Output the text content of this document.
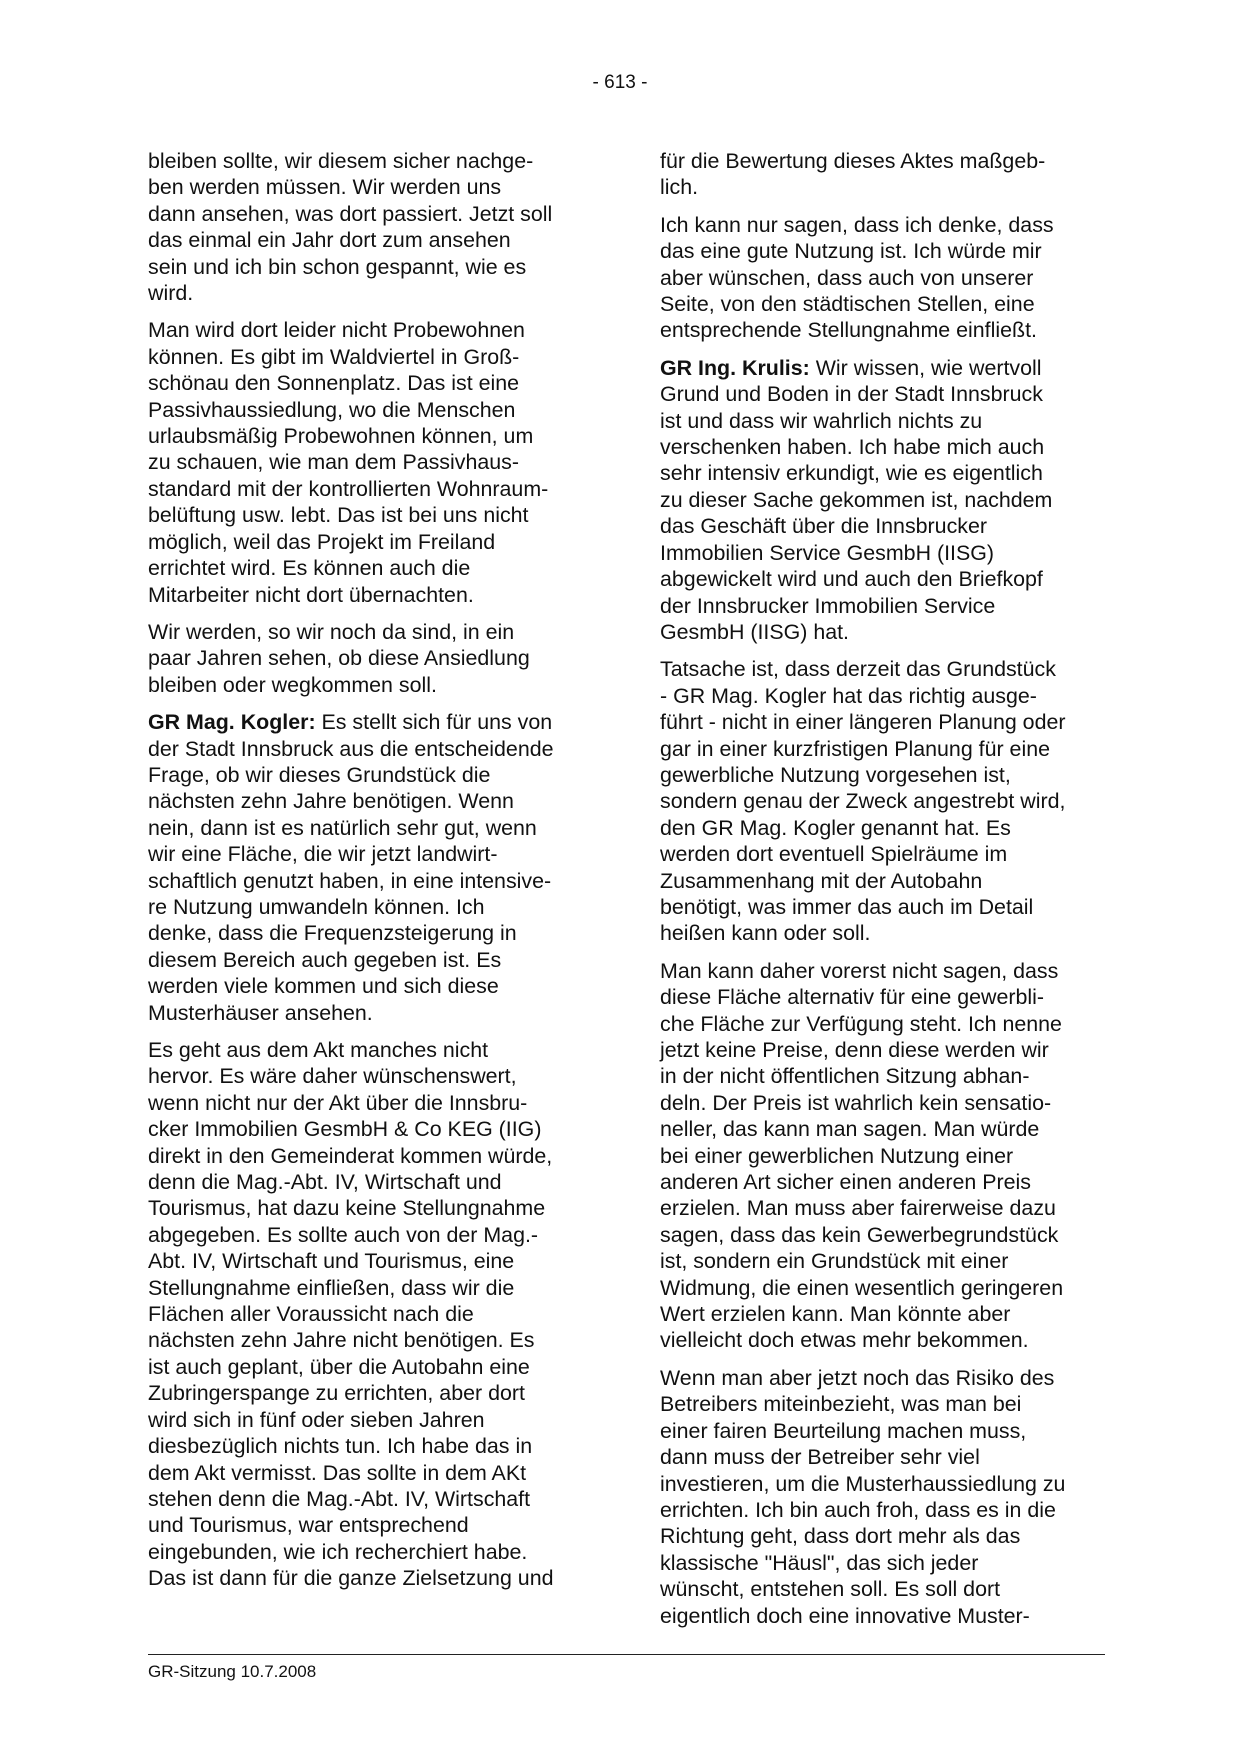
- 613 -

bleiben sollte, wir diesem sicher nachge-
ben werden müssen. Wir werden uns
dann ansehen, was dort passiert. Jetzt soll
das einmal ein Jahr dort zum ansehen
sein und ich bin schon gespannt, wie es
wird.

Man wird dort leider nicht Probewohnen
können. Es gibt im Waldviertel in Groß-
schönau den Sonnenplatz. Das ist eine
Passivhaussiedlung, wo die Menschen
urlaubsmäßig Probewohnen können, um
zu schauen, wie man dem Passivhaus-
standard mit der kontrollierten Wohnraum-
belüftung usw. lebt. Das ist bei uns nicht
möglich, weil das Projekt im Freiland
errichtet wird. Es können auch die
Mitarbeiter nicht dort übernachten.

Wir werden, so wir noch da sind, in ein
paar Jahren sehen, ob diese Ansiedlung
bleiben oder wegkommen soll.

GR Mag. Kogler: Es stellt sich für uns von
der Stadt Innsbruck aus die entscheidende
Frage, ob wir dieses Grundstück die
nächsten zehn Jahre benötigen. Wenn
nein, dann ist es natürlich sehr gut, wenn
wir eine Fläche, die wir jetzt landwirt-
schaftlich genutzt haben, in eine intensive-
re Nutzung umwandeln können. Ich
denke, dass die Frequenzsteigerung in
diesem Bereich auch gegeben ist. Es
werden viele kommen und sich diese
Musterhäuser ansehen.

Es geht aus dem Akt manches nicht
hervor. Es wäre daher wünschenswert,
wenn nicht nur der Akt über die Innsbru-
cker Immobilien GesmbH & Co KEG (IIG)
direkt in den Gemeinderat kommen würde,
denn die Mag.-Abt. IV, Wirtschaft und
Tourismus, hat dazu keine Stellungnahme
abgegeben. Es sollte auch von der Mag.-
Abt. IV, Wirtschaft und Tourismus, eine
Stellungnahme einfließen, dass wir die
Flächen aller Voraussicht nach die
nächsten zehn Jahre nicht benötigen. Es
ist auch geplant, über die Autobahn eine
Zubringerspange zu errichten, aber dort
wird sich in fünf oder sieben Jahren
diesbezüglich nichts tun. Ich habe das in
dem Akt vermisst. Das sollte in dem AKt
stehen denn die Mag.-Abt. IV, Wirtschaft
und Tourismus, war entsprechend
eingebunden, wie ich recherchiert habe.
Das ist dann für die ganze Zielsetzung und

für die Bewertung dieses Aktes maßgeb-
lich.

Ich kann nur sagen, dass ich denke, dass
das eine gute Nutzung ist. Ich würde mir
aber wünschen, dass auch von unserer
Seite, von den städtischen Stellen, eine
entsprechende Stellungnahme einfließt.

GR Ing. Krulis: Wir wissen, wie wertvoll
Grund und Boden in der Stadt Innsbruck
ist und dass wir wahrlich nichts zu
verschenken haben. Ich habe mich auch
sehr intensiv erkundigt, wie es eigentlich
zu dieser Sache gekommen ist, nachdem
das Geschäft über die Innsbrucker
Immobilien Service GesmbH (IISG)
abgewickelt wird und auch den Briefkopf
der Innsbrucker Immobilien Service
GesmbH (IISG) hat.

Tatsache ist, dass derzeit das Grundstück
- GR Mag. Kogler hat das richtig ausge-
führt - nicht in einer längeren Planung oder
gar in einer kurzfristigen Planung für eine
gewerbliche Nutzung vorgesehen ist,
sondern genau der Zweck angestrebt wird,
den GR Mag. Kogler genannt hat. Es
werden dort eventuell Spielräume im
Zusammenhang mit der Autobahn
benötigt, was immer das auch im Detail
heißen kann oder soll.

Man kann daher vorerst nicht sagen, dass
diese Fläche alternativ für eine gewerbli-
che Fläche zur Verfügung steht. Ich nenne
jetzt keine Preise, denn diese werden wir
in der nicht öffentlichen Sitzung abhan-
deln. Der Preis ist wahrlich kein sensatio-
neller, das kann man sagen. Man würde
bei einer gewerblichen Nutzung einer
anderen Art sicher einen anderen Preis
erzielen. Man muss aber fairerweise dazu
sagen, dass das kein Gewerbegrundstück
ist, sondern ein Grundstück mit einer
Widmung, die einen wesentlich geringeren
Wert erzielen kann. Man könnte aber
vielleicht doch etwas mehr bekommen.

Wenn man aber jetzt noch das Risiko des
Betreibers miteinbezieht, was man bei
einer fairen Beurteilung machen muss,
dann muss der Betreiber sehr viel
investieren, um die Musterhaussiedlung zu
errichten. Ich bin auch froh, dass es in die
Richtung geht, dass dort mehr als das
klassische "Häusl", das sich jeder
wünscht, entstehen soll. Es soll dort
eigentlich doch eine innovative Muster-

GR-Sitzung 10.7.2008
